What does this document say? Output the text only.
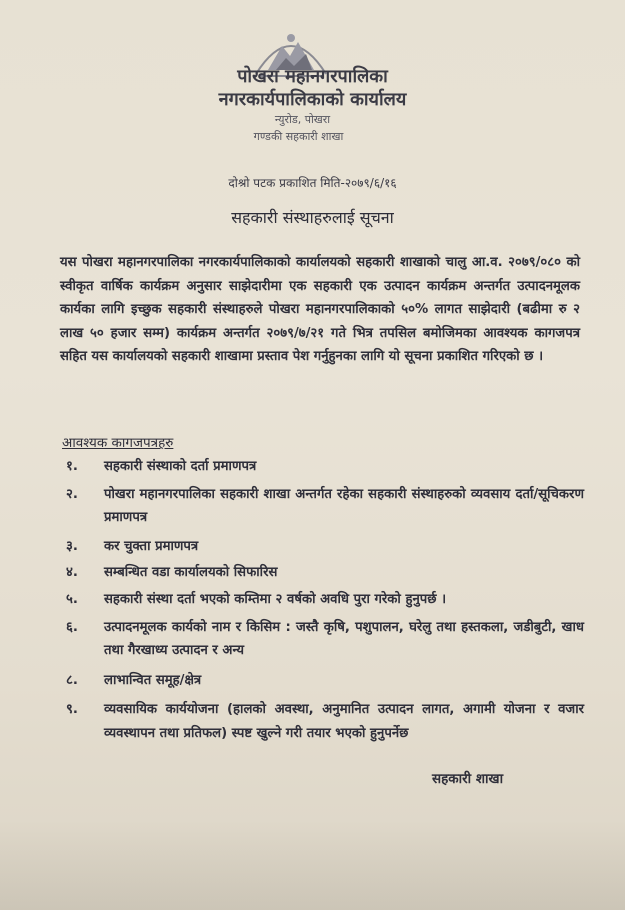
पोखरा महानगरपालिका
नगरकार्यपालिकाको कार्यालय
न्युरोड, पोखरा
गण्डकी सहकारी शाखा
दोश्रो पटक प्रकाशित मिति-२०७९/६/१६
सहकारी संस्थाहरुलाई सूचना
यस पोखरा महानगरपालिका नगरकार्यपालिकाको कार्यालयको सहकारी शाखाको चालु आ.व. २०७९/०८० को स्वीकृत वार्षिक कार्यक्रम अनुसार साझेदारीमा एक सहकारी एक उत्पादन कार्यक्रम अन्तर्गत उत्पादनमूलक कार्यका लागि इच्छुक सहकारी संस्थाहरुले पोखरा महानगरपालिकाको ५०% लागत साझेदारी (बढीमा रु २ लाख ५० हजार सम्म) कार्यक्रम अन्तर्गत २०७९/७/२१ गते भित्र तपसिल बमोजिमका आवश्यक कागजपत्र सहित यस कार्यालयको सहकारी शाखामा प्रस्ताव पेश गर्नुहुनका लागि यो सूचना प्रकाशित गरिएको छ ।
आवश्यक कागजपत्रहरु
१. सहकारी संस्थाको दर्ता प्रमाणपत्र
२. पोखरा महानगरपालिका सहकारी शाखा अन्तर्गत रहेका सहकारी संस्थाहरुको व्यवसाय दर्ता/सूचिकरण प्रमाणपत्र
३. कर चुक्ता प्रमाणपत्र
४. सम्बन्धित वडा कार्यालयको सिफारिस
५. सहकारी संस्था दर्ता भएको कम्तिमा २ वर्षको अवधि पुरा गरेको हुनुपर्छ ।
६. उत्पादनमूलक कार्यको नाम र किसिम : जस्तै कृषि, पशुपालन, घरेलु तथा हस्तकला, जडीबुटी, खाध तथा गैरखाध्य उत्पादन र अन्य
८. लाभान्वित समूह/क्षेत्र
९. व्यवसायिक कार्ययोजना (हालको अवस्था, अनुमानित उत्पादन लागत, अगामी योजना र वजार व्यवस्थापन तथा प्रतिफल) स्पष्ट खुल्ने गरी तयार भएको हुनुपर्नेछ
सहकारी शाखा
